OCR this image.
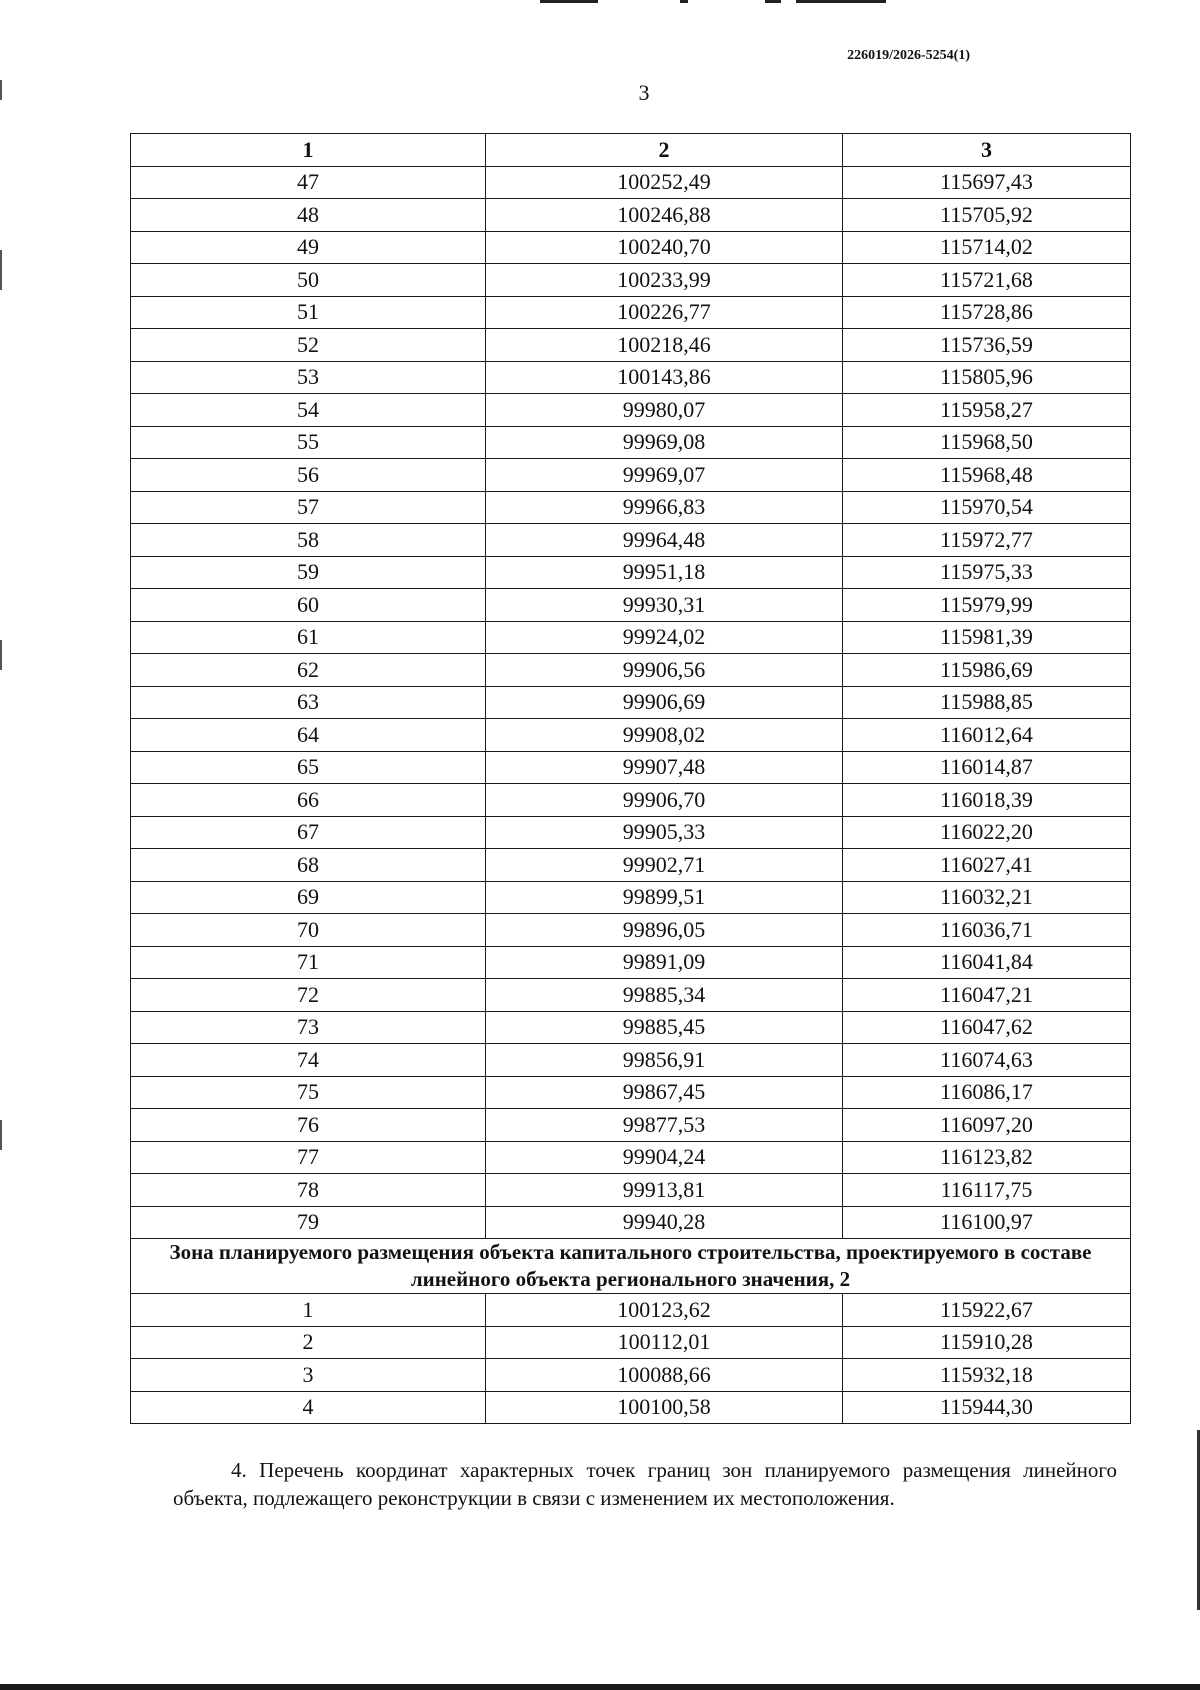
226019/2026-5254(1)
3
1	2	3
47	100252,49	115697,43
48	100246,88	115705,92
49	100240,70	115714,02
50	100233,99	115721,68
51	100226,77	115728,86
52	100218,46	115736,59
53	100143,86	115805,96
54	99980,07	115958,27
55	99969,08	115968,50
56	99969,07	115968,48
57	99966,83	115970,54
58	99964,48	115972,77
59	99951,18	115975,33
60	99930,31	115979,99
61	99924,02	115981,39
62	99906,56	115986,69
63	99906,69	115988,85
64	99908,02	116012,64
65	99907,48	116014,87
66	99906,70	116018,39
67	99905,33	116022,20
68	99902,71	116027,41
69	99899,51	116032,21
70	99896,05	116036,71
71	99891,09	116041,84
72	99885,34	116047,21
73	99885,45	116047,62
74	99856,91	116074,63
75	99867,45	116086,17
76	99877,53	116097,20
77	99904,24	116123,82
78	99913,81	116117,75
79	99940,28	116100,97
Зона планируемого размещения объекта капитального строительства, проектируемого в составе линейного объекта регионального значения, 2		
1	100123,62	115922,67
2	100112,01	115910,28
3	100088,66	115932,18
4	100100,58	115944,30
4. Перечень координат характерных точек границ зон планируемого размещения линейного объекта, подлежащего реконструкции в связи с изменением их местоположения.
